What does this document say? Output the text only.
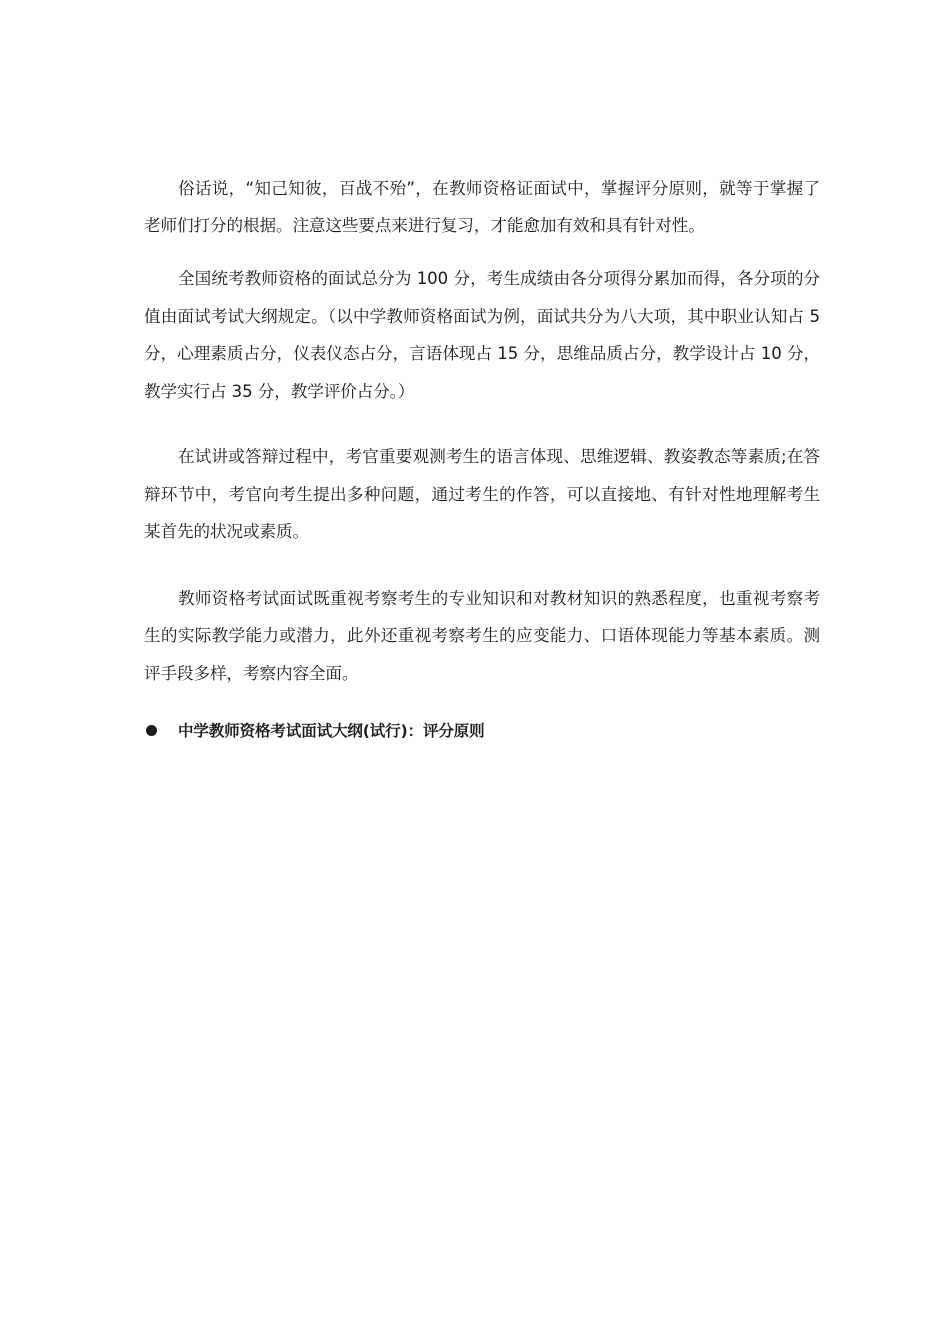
俗话说，“知己知彼，百战不殆”，在教师资格证面试中，掌握评分原则，就等于掌握了老师们打分的根据。注意这些要点来进行复习，才能愈加有效和具有针对性。

全国统考教师资格的面试总分为 100 分，考生成绩由各分项得分累加而得，各分项的分值由面试考试大纲规定。（以中学教师资格面试为例，面试共分为八大项，其中职业认知占 5 分，心理素质占分，仪表仪态占分，言语体现占 15 分，思维品质占分，教学设计占 10 分，教学实行占 35 分，教学评价占分。）

在试讲或答辩过程中，考官重要观测考生的语言体现、思维逻辑、教姿教态等素质;在答辩环节中，考官向考生提出多种问题，通过考生的作答，可以直接地、有针对性地理解考生某首先的状况或素质。

教师资格考试面试既重视考察考生的专业知识和对教材知识的熟悉程度，也重视考察考生的实际教学能力或潜力，此外还重视考察考生的应变能力、口语体现能力等基本素质。测评手段多样，考察内容全面。

中学教师资格考试面试大纲(试行)：评分原则
